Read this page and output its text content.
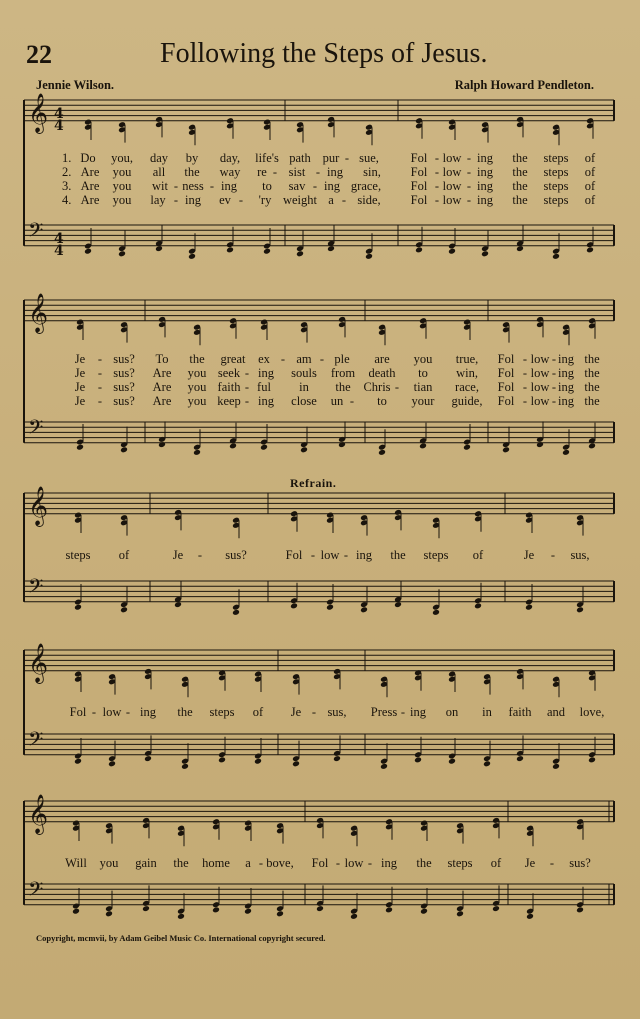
22	Following the Steps of Jesus.
Jennie Wilson.	Ralph Howard Pendleton.
Refrain.
𝄞
𝄢
𝄞
𝄢
𝄞
𝄢
𝄞
𝄢
𝄞
𝄢
4
4
4
4
1. Do you, day by day, life's path pur - sue,	Fol - low - ing the steps of
2. Are you all the way re - sist - ing sin, Fol - low - ing the steps of
3. Are you wit - ness - ing to sav - ing grace, Fol - low - ing the steps of
4. Are you lay - ing ev - 'ry weight a - side, Fol - low - ing the steps of
Je - sus? To the great ex - am - ple are you true, Fol - low - ing the
Je - sus? Are you seek - ing souls from death to win, Fol - low - ing the
Je - sus? Are you faith - ful in the Chris - tian race, Fol - low - ing the
Je - sus? Are you keep - ing close un - to your guide, Fol - low - ing the
steps of	Je - sus?	Fol - low - ing the steps of	Je - sus,
Fol - low - ing the steps of Je - sus, Press - ing on in faith and love,
Will you gain the home a - bove, Fol - low - ing the steps of Je - sus?
Copyright, mcmvii, by Adam Geibel Music Co. International copyright secured.
